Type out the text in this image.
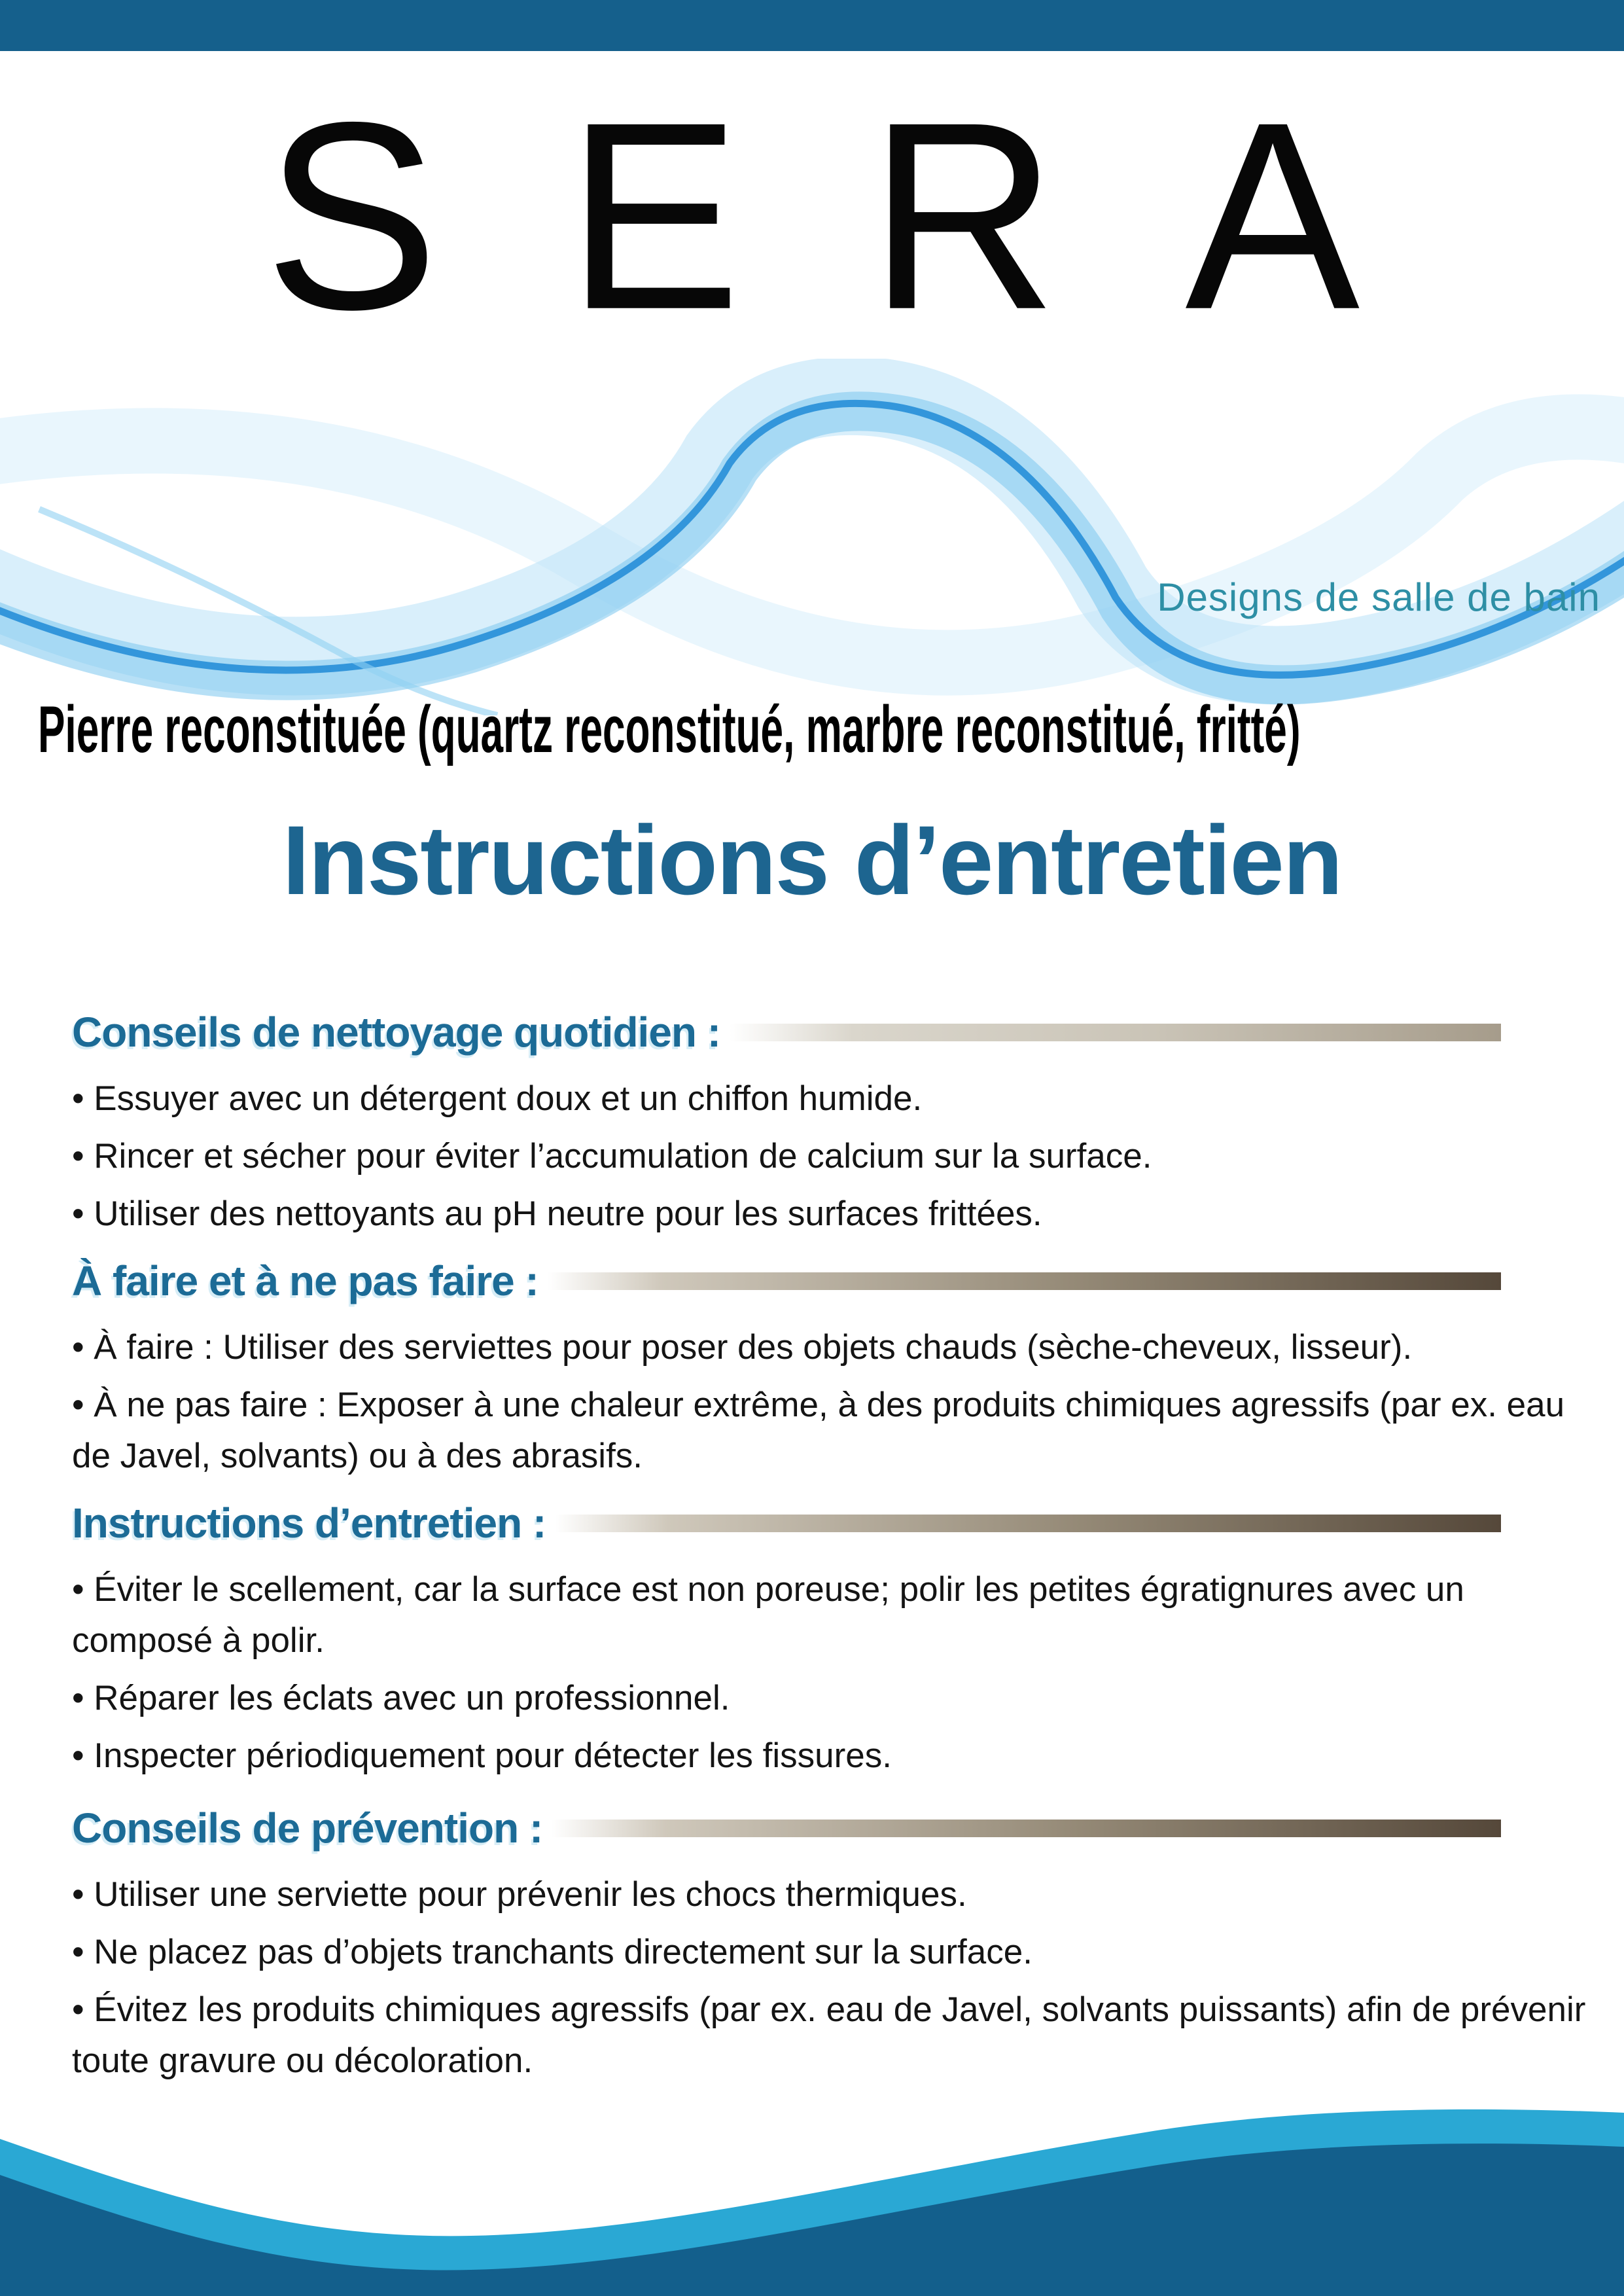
SERA
Designs de salle de bain
Pierre reconstituée (quartz reconstitué, marbre reconstitué, fritté)
Instructions d’entretien
Conseils de nettoyage quotidien :

• Essuyer avec un détergent doux et un chiffon humide.

• Rincer et sécher pour éviter l’accumulation de calcium sur la surface.

• Utiliser des nettoyants au pH neutre pour les surfaces frittées.

À faire et à ne pas faire :

• À faire : Utiliser des serviettes pour poser des objets chauds (sèche-cheveux, lisseur).

• À ne pas faire : Exposer à une chaleur extrême, à des produits chimiques agressifs (par ex. eau de Javel, solvants) ou à des abrasifs.

Instructions d’entretien :

• Éviter le scellement, car la surface est non poreuse; polir les petites égratignures avec un composé à polir.

• Réparer les éclats avec un professionnel.

• Inspecter périodiquement pour détecter les fissures.

Conseils de prévention :

• Utiliser une serviette pour prévenir les chocs thermiques.

• Ne placez pas d’objets tranchants directement sur la surface.

• Évitez les produits chimiques agressifs (par ex. eau de Javel, solvants puissants) afin de prévenir toute gravure ou décoloration.
